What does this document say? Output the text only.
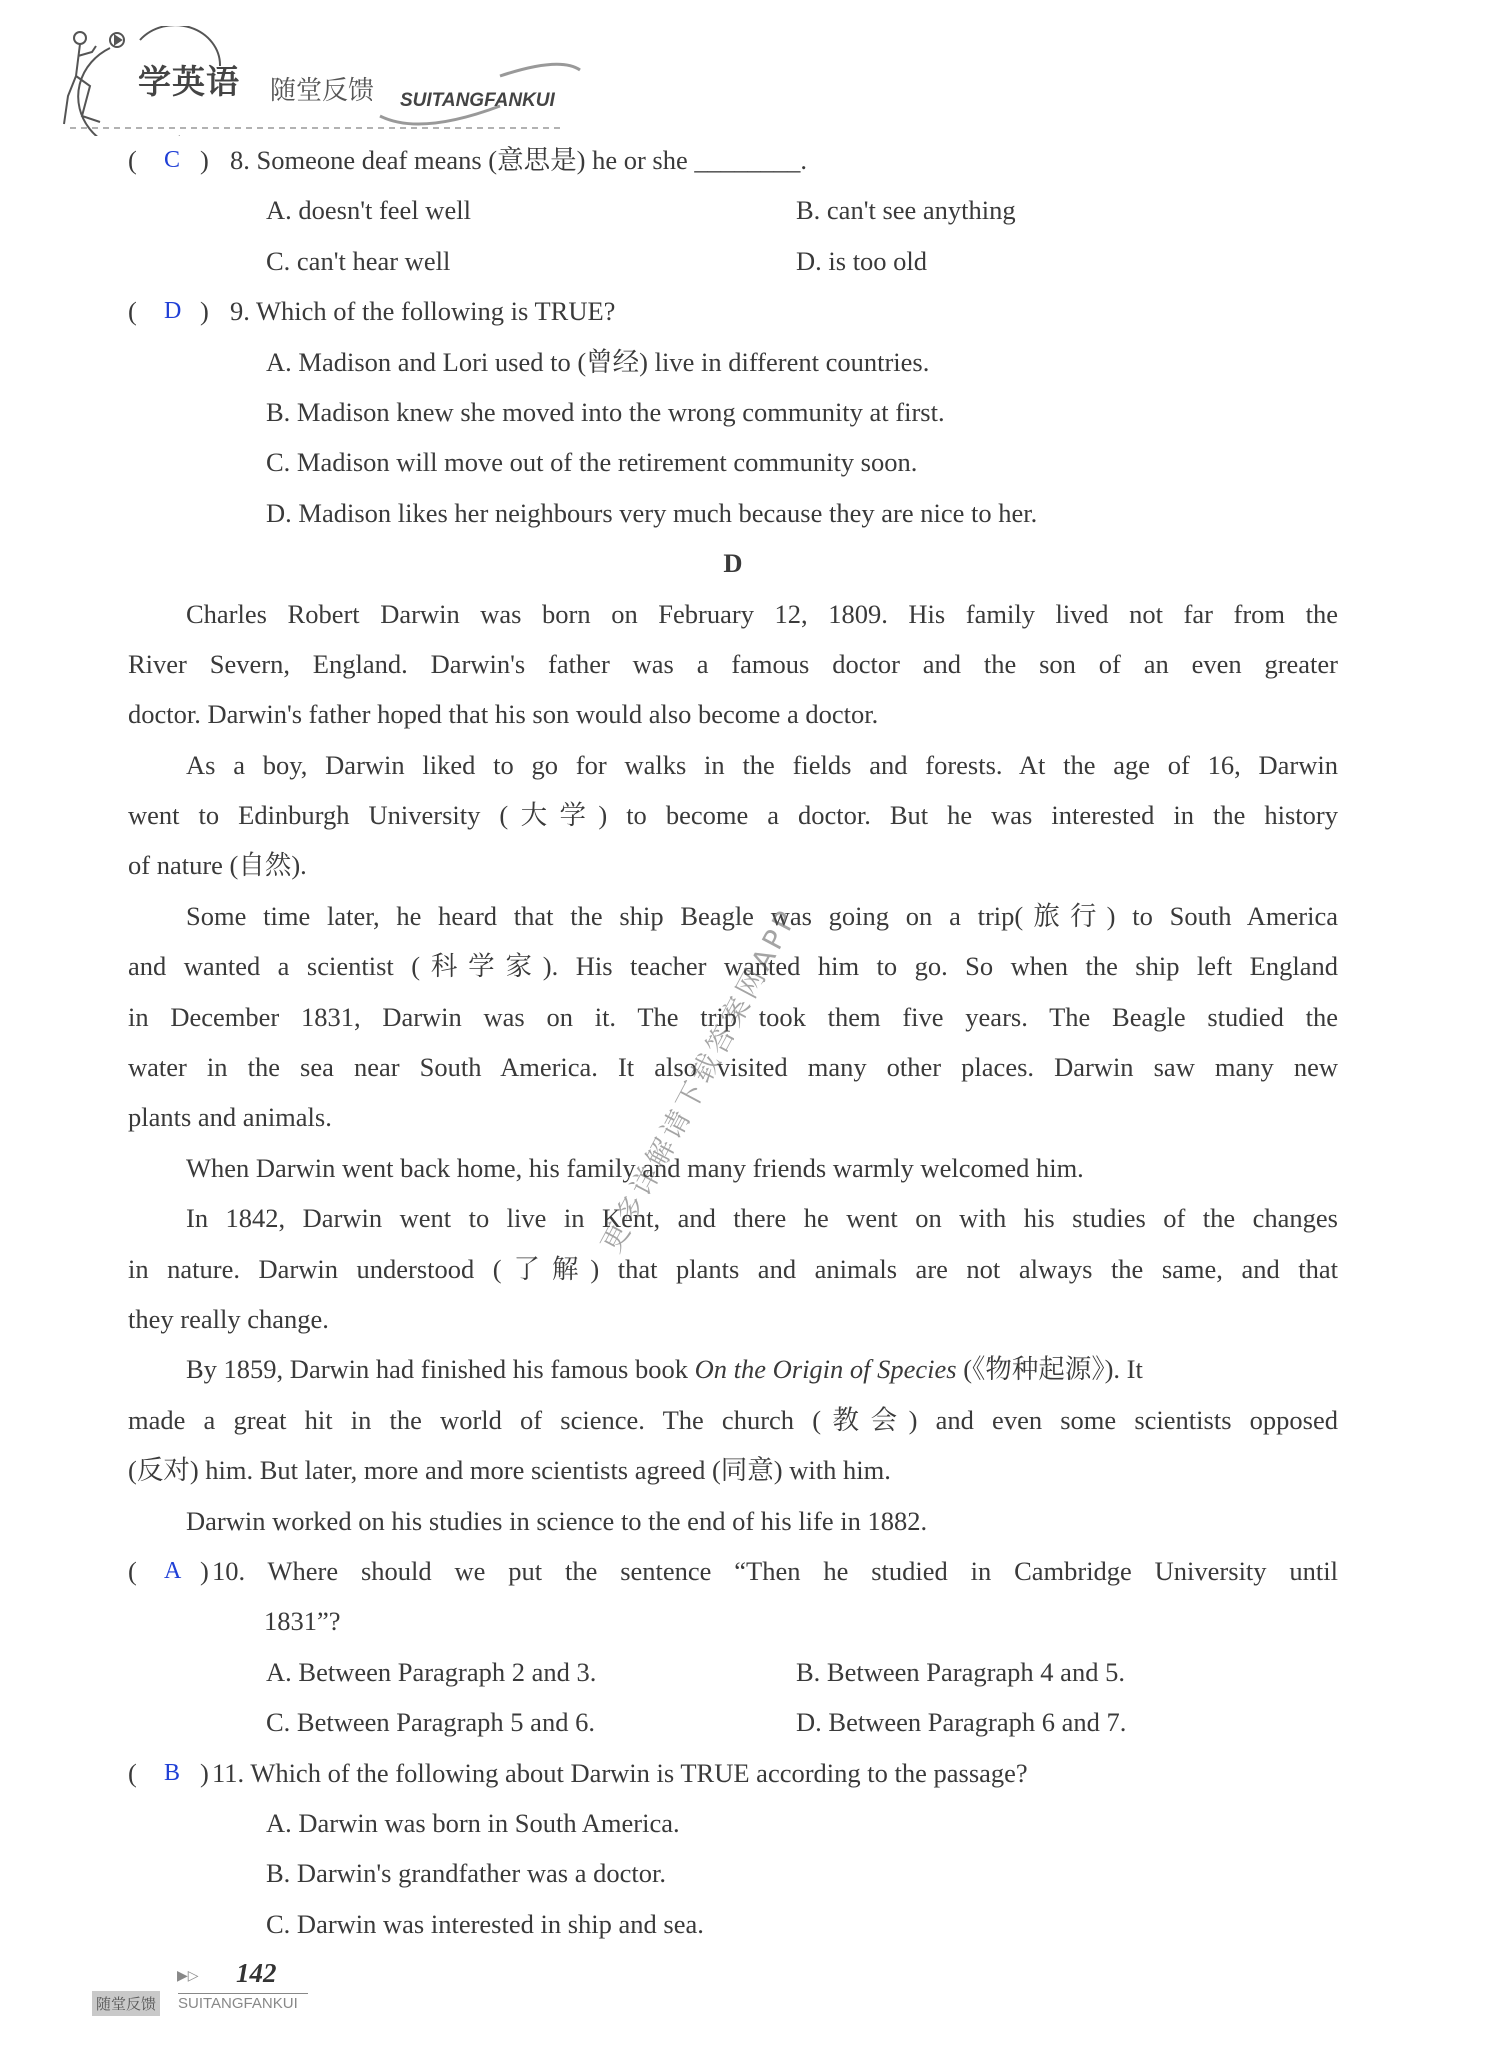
学英语 随堂反馈 SUITANGFANKUI
( C ) 8. Someone deaf means (意思是) he or she ________.
A. doesn't feel well	B. can't see anything
C. can't hear well	D. is too old
( D ) 9. Which of the following is TRUE?
A. Madison and Lori used to (曾经) live in different countries.
B. Madison knew she moved into the wrong community at first.
C. Madison will move out of the retirement community soon.
D. Madison likes her neighbours very much because they are nice to her.
D
Charles Robert Darwin was born on February 12, 1809. His family lived not far from the
River Severn, England. Darwin's father was a famous doctor and the son of an even greater
doctor. Darwin's father hoped that his son would also become a doctor.
As a boy, Darwin liked to go for walks in the fields and forests. At the age of 16, Darwin
went to Edinburgh University (大学) to become a doctor. But he was interested in the history
of nature (自然).
Some time later, he heard that the ship Beagle was going on a trip(旅行) to South America
and wanted a scientist (科学家). His teacher wanted him to go. So when the ship left England
in December 1831, Darwin was on it. The trip took them five years. The Beagle studied the
water in the sea near South America. It also visited many other places. Darwin saw many new
plants and animals.
When Darwin went back home, his family and many friends warmly welcomed him.
In 1842, Darwin went to live in Kent, and there he went on with his studies of the changes
in nature. Darwin understood (了解) that plants and animals are not always the same, and that
they really change.
By 1859, Darwin had finished his famous book On the Origin of Species (《物种起源》). It
made a great hit in the world of science. The church (教会) and even some scientists opposed
(反对) him. But later, more and more scientists agreed (同意) with him.
Darwin worked on his studies in science to the end of his life in 1882.
( A ) 10. Where should we put the sentence “Then he studied in Cambridge University until
1831”?
A. Between Paragraph 2 and 3.	B. Between Paragraph 4 and 5.
C. Between Paragraph 5 and 6.	D. Between Paragraph 6 and 7.
( B ) 11. Which of the following about Darwin is TRUE according to the passage?
A. Darwin was born in South America.
B. Darwin's grandfather was a doctor.
C. Darwin was interested in ship and sea.
更多详解请下载答案网APP
▶▷ 142
随堂反馈 SUITANGFANKUI
